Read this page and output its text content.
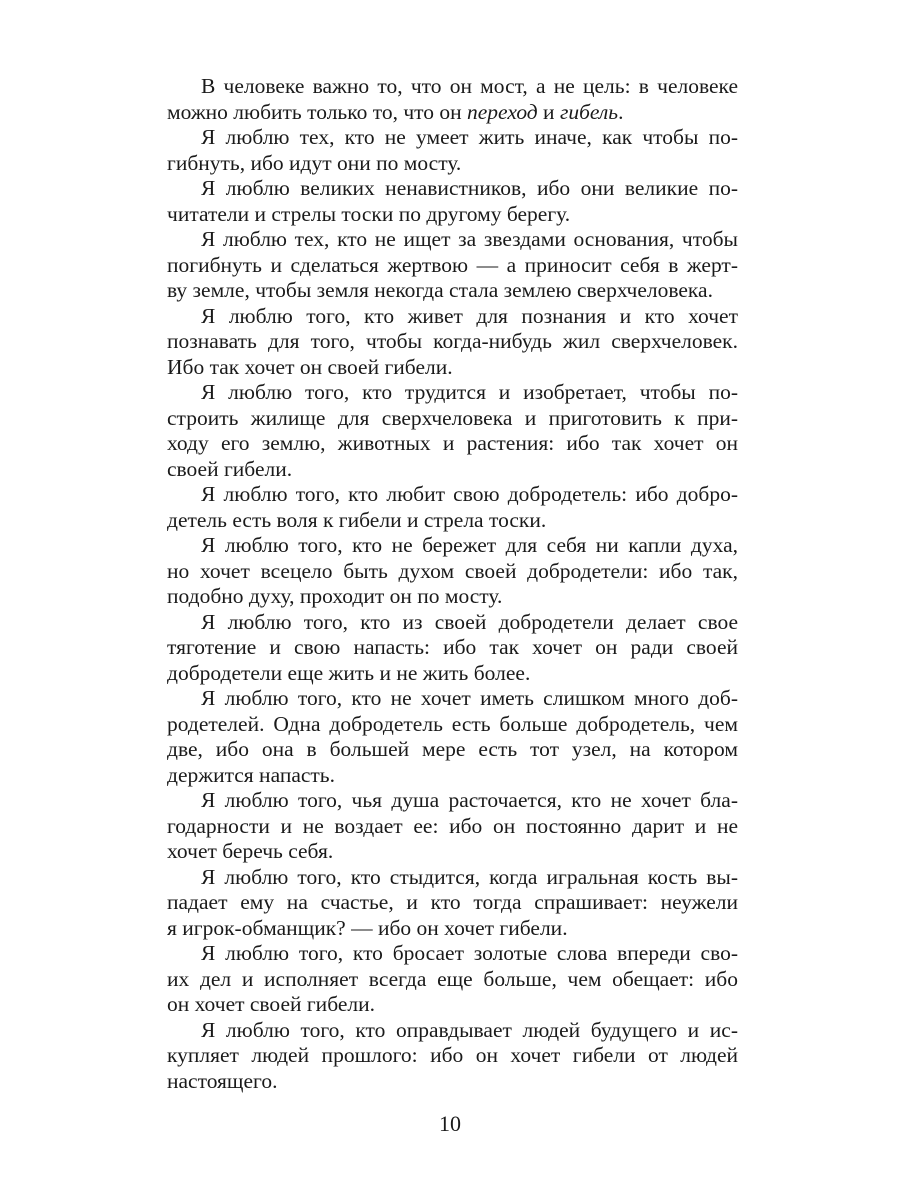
В человеке важно то, что он мост, а не цель: в человеке
можно любить только то, что он переход и гибель.
Я люблю тех, кто не умеет жить иначе, как чтобы по-
гибнуть, ибо идут они по мосту.
Я люблю великих ненавистников, ибо они великие по-
читатели и стрелы тоски по другому берегу.
Я люблю тех, кто не ищет за звездами основания, чтобы
погибнуть и сделаться жертвою — а приносит себя в жерт-
ву земле, чтобы земля некогда стала землею сверхчеловека.
Я люблю того, кто живет для познания и кто хочет
познавать для того, чтобы когда-нибудь жил сверхчеловек.
Ибо так хочет он своей гибели.
Я люблю того, кто трудится и изобретает, чтобы по-
строить жилище для сверхчеловека и приготовить к при-
ходу его землю, животных и растения: ибо так хочет он
своей гибели.
Я люблю того, кто любит свою добродетель: ибо добро-
детель есть воля к гибели и стрела тоски.
Я люблю того, кто не бережет для себя ни капли духа,
но хочет всецело быть духом своей добродетели: ибо так,
подобно духу, проходит он по мосту.
Я люблю того, кто из своей добродетели делает свое
тяготение и свою напасть: ибо так хочет он ради своей
добродетели еще жить и не жить более.
Я люблю того, кто не хочет иметь слишком много доб-
родетелей. Одна добродетель есть больше добродетель, чем
две, ибо она в большей мере есть тот узел, на котором
держится напасть.
Я люблю того, чья душа расточается, кто не хочет бла-
годарности и не воздает ее: ибо он постоянно дарит и не
хочет беречь себя.
Я люблю того, кто стыдится, когда игральная кость вы-
падает ему на счастье, и кто тогда спрашивает: неужели
я игрок-обманщик? — ибо он хочет гибели.
Я люблю того, кто бросает золотые слова впереди сво-
их дел и исполняет всегда еще больше, чем обещает: ибо
он хочет своей гибели.
Я люблю того, кто оправдывает людей будущего и ис-
купляет людей прошлого: ибо он хочет гибели от людей
настоящего.
10
